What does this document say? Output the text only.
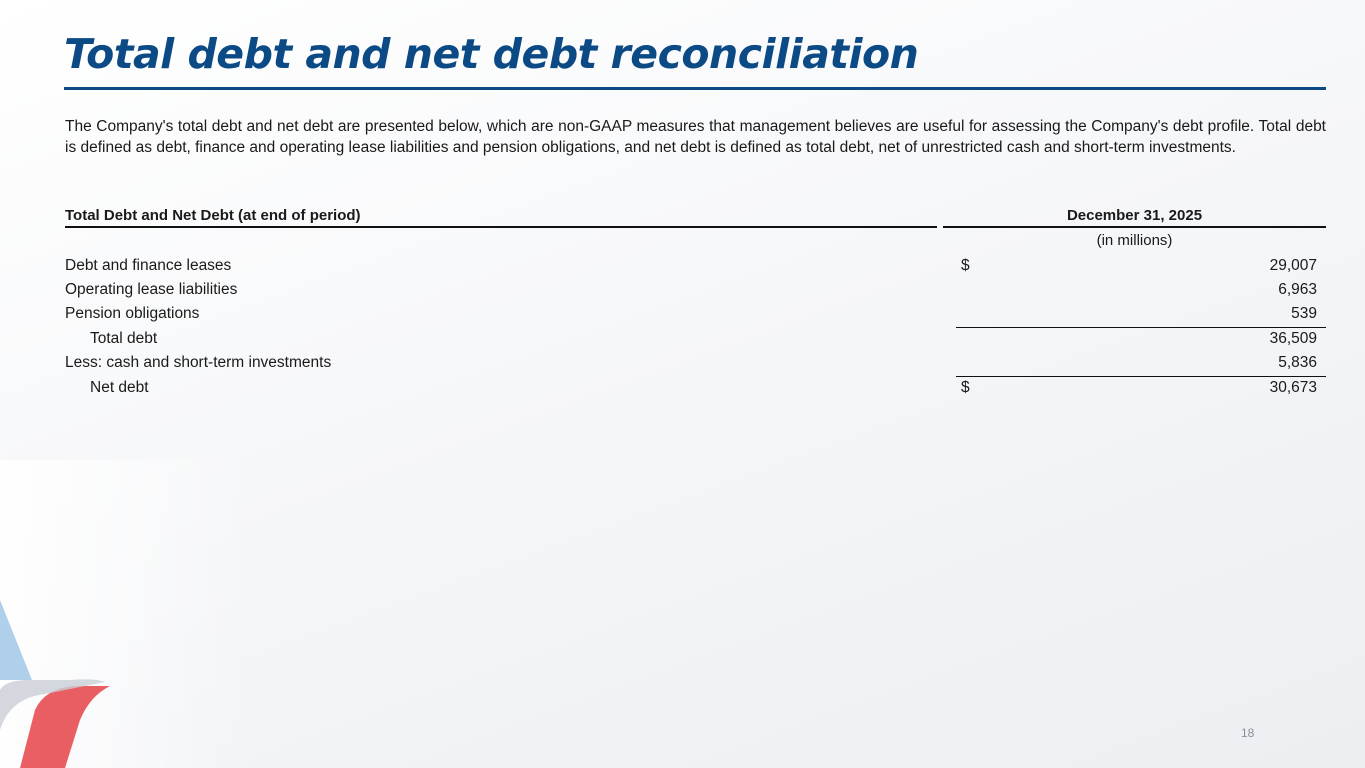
Total debt and net debt reconciliation
The Company's total debt and net debt are presented below, which are non-GAAP measures that management believes are useful for assessing the Company's debt profile. Total debt is defined as debt, finance and operating lease liabilities and pension obligations, and net debt is defined as total debt, net of unrestricted cash and short-term investments.
Total Debt and Net Debt (at end of period)	December 31, 2025
(in millions)
Debt and finance leases	$	29,007
Operating lease liabilities	6,963
Pension obligations	539
Total debt	36,509
Less: cash and short-term investments	5,836
Net debt	$	30,673
18
